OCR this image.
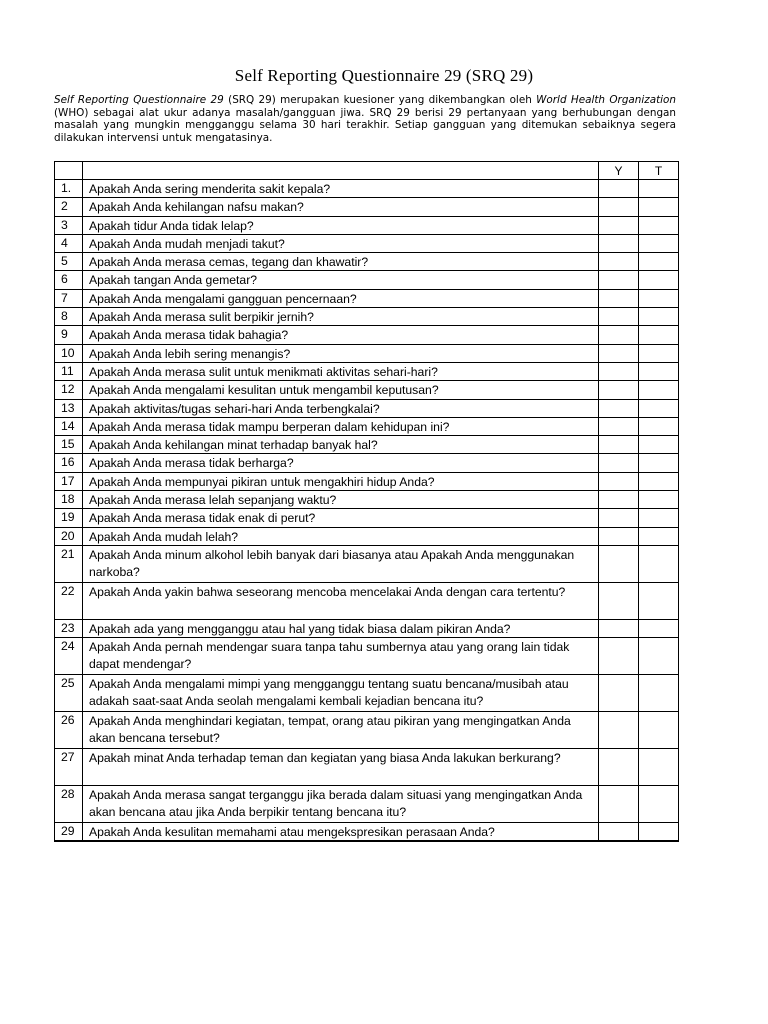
Self Reporting Questionnaire 29 (SRQ 29)
Self Reporting Questionnaire 29 (SRQ 29) merupakan kuesioner yang dikembangkan oleh World Health Organization (WHO) sebagai alat ukur adanya masalah/gangguan jiwa. SRQ 29 berisi 29 pertanyaan yang berhubungan dengan masalah yang mungkin mengganggu selama 30 hari terakhir. Setiap gangguan yang ditemukan sebaiknya segera dilakukan intervensi untuk mengatasinya.
		Y	T
1.	Apakah Anda sering menderita sakit kepala?		
2	Apakah Anda kehilangan nafsu makan?		
3	Apakah tidur Anda tidak lelap?		
4	Apakah Anda mudah menjadi takut?		
5	Apakah Anda merasa cemas, tegang dan khawatir?		
6	Apakah tangan Anda gemetar?		
7	Apakah Anda mengalami gangguan pencernaan?		
8	Apakah Anda merasa sulit berpikir jernih?		
9	Apakah Anda merasa tidak bahagia?		
10	Apakah Anda lebih sering menangis?		
11	Apakah Anda merasa sulit untuk menikmati aktivitas sehari-hari?		
12	Apakah Anda mengalami kesulitan untuk mengambil keputusan?		
13	Apakah aktivitas/tugas sehari-hari Anda terbengkalai?		
14	Apakah Anda merasa tidak mampu berperan dalam kehidupan ini?		
15	Apakah Anda kehilangan minat terhadap banyak hal?		
16	Apakah Anda merasa tidak berharga?		
17	Apakah Anda mempunyai pikiran untuk mengakhiri hidup Anda?		
18	Apakah Anda merasa lelah sepanjang waktu?		
19	Apakah Anda merasa tidak enak di perut?		
20	Apakah Anda mudah lelah?		
21	Apakah Anda minum alkohol lebih banyak dari biasanya atau Apakah Anda menggunakan narkoba?		
22	Apakah Anda yakin bahwa seseorang mencoba mencelakai Anda dengan cara tertentu?		
23	Apakah ada yang mengganggu atau hal yang tidak biasa dalam pikiran Anda?		
24	Apakah Anda pernah mendengar suara tanpa tahu sumbernya atau yang orang lain tidak dapat mendengar?		
25	Apakah Anda mengalami mimpi yang mengganggu tentang suatu bencana/musibah atau adakah saat-saat Anda seolah mengalami kembali kejadian bencana itu?		
26	Apakah Anda menghindari kegiatan, tempat, orang atau pikiran yang mengingatkan Anda akan bencana tersebut?		
27	Apakah minat Anda terhadap teman dan kegiatan yang biasa Anda lakukan berkurang?		
28	Apakah Anda merasa sangat terganggu jika berada dalam situasi yang mengingatkan Anda akan bencana atau jika Anda berpikir tentang bencana itu?		
29	Apakah Anda kesulitan memahami atau mengekspresikan perasaan Anda?		
